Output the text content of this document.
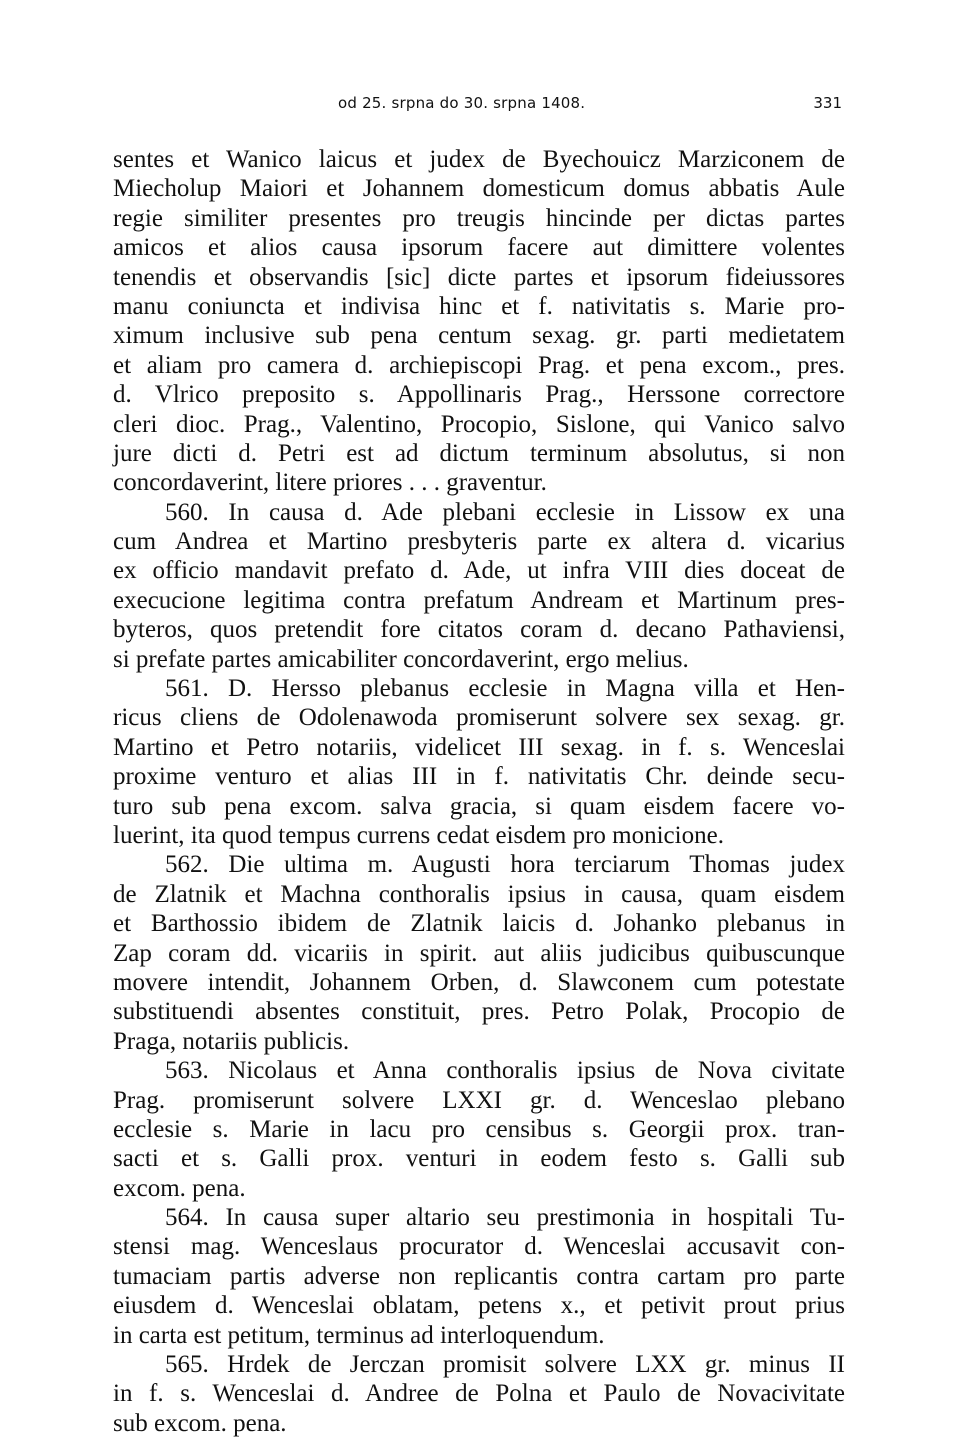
od 25. srpna do 30. srpna 1408.	331
sentes et Wanico laicus et judex de Byechouicz Marziconem de
Miecholup Maiori et Johannem domesticum domus abbatis Aule
regie similiter presentes pro treugis hincinde per dictas partes
amicos et alios causa ipsorum facere aut dimittere volentes
tenendis et observandis [sic] dicte partes et ipsorum fideiussores
manu coniuncta et indivisa hinc et f. nativitatis s. Marie pro-
ximum inclusive sub pena centum sexag. gr. parti medietatem
et aliam pro camera d. archiepiscopi Prag. et pena excom., pres.
d. Vlrico preposito s. Appollinaris Prag., Herssone correctore
cleri dioc. Prag., Valentino, Procopio, Sislone, qui Vanico salvo
jure dicti d. Petri est ad dictum terminum absolutus, si non
concordaverint, litere priores . . . graventur.
560. In causa d. Ade plebani ecclesie in Lissow ex una
cum Andrea et Martino presbyteris parte ex altera d. vicarius
ex officio mandavit prefato d. Ade, ut infra VIII dies doceat de
execucione legitima contra prefatum Andream et Martinum pres-
byteros, quos pretendit fore citatos coram d. decano Pathaviensi,
si prefate partes amicabiliter concordaverint, ergo melius.
561. D. Hersso plebanus ecclesie in Magna villa et Hen-
ricus cliens de Odolenawoda promiserunt solvere sex sexag. gr.
Martino et Petro notariis, videlicet III sexag. in f. s. Wenceslai
proxime venturo et alias III in f. nativitatis Chr. deinde secu-
turo sub pena excom. salva gracia, si quam eisdem facere vo-
luerint, ita quod tempus currens cedat eisdem pro monicione.
562. Die ultima m. Augusti hora terciarum Thomas judex
de Zlatnik et Machna conthoralis ipsius in causa, quam eisdem
et Barthossio ibidem de Zlatnik laicis d. Johanko plebanus in
Zap coram dd. vicariis in spirit. aut aliis judicibus quibuscunque
movere intendit, Johannem Orben, d. Slawconem cum potestate
substituendi absentes constituit, pres. Petro Polak, Procopio de
Praga, notariis publicis.
563. Nicolaus et Anna conthoralis ipsius de Nova civitate
Prag. promiserunt solvere LXXI gr. d. Wenceslao plebano
ecclesie s. Marie in lacu pro censibus s. Georgii prox. tran-
sacti et s. Galli prox. venturi in eodem festo s. Galli sub
excom. pena.
564. In causa super altario seu prestimonia in hospitali Tu-
stensi mag. Wenceslaus procurator d. Wenceslai accusavit con-
tumaciam partis adverse non replicantis contra cartam pro parte
eiusdem d. Wenceslai oblatam, petens x., et petivit prout prius
in carta est petitum, terminus ad interloquendum.
565. Hrdek de Jerczan promisit solvere LXX gr. minus II
in f. s. Wenceslai d. Andree de Polna et Paulo de Novacivitate
sub excom. pena.
